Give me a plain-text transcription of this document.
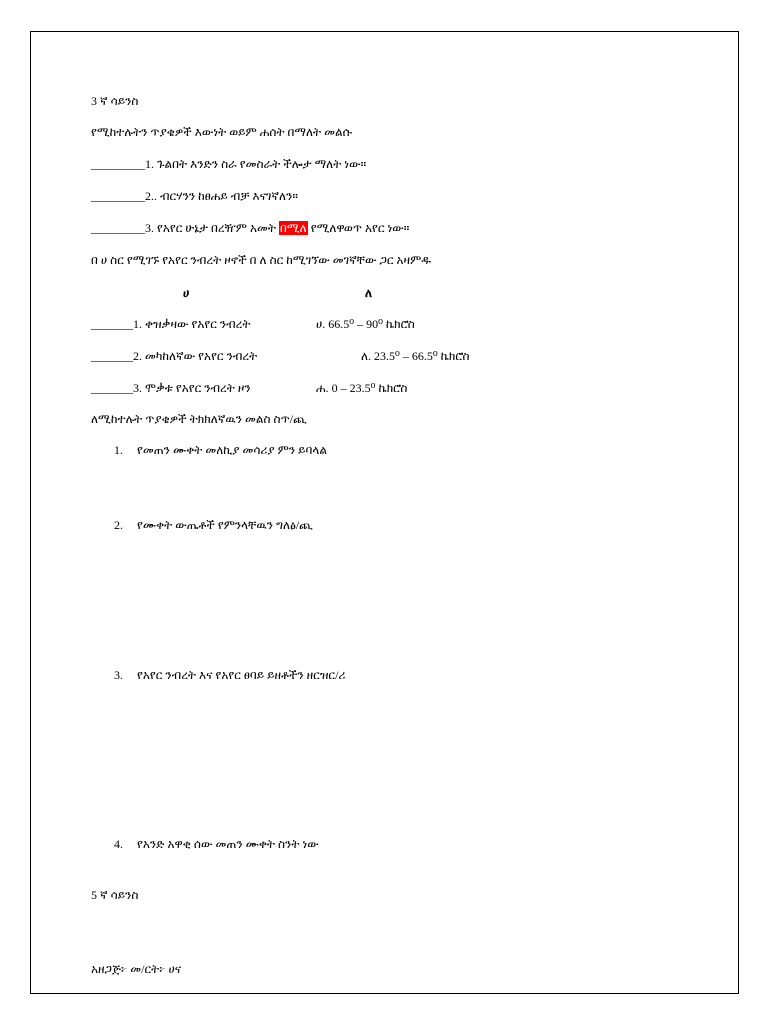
3 ኛ ሳይንስ
የሚከተሉትን ጥያቄዎች እውነት ወይም ሐሰት በማለት መልሱ
_________1. ጉልበት እንድን ስራ የመስራት ችሎታ ማለት ነው።
_________2.. ብርሃንን ከፀሐይ ብቻ እናገኛለን።
_________3. የአየር ሁኔታ በረዥም አመት በሚለ የሚለዋወጥ አየር ነው።
በ ሀ ስር የሚገኙ የአየር ንብረት ዞኖች በ ለ ስር ከሚገኘው መገኛቸው ጋር አዛምዱ
ሀ	ለ
_______1. ቀዝቃዛው የአየር ንብረት	ሀ. 66.5⁰ – 90⁰ ኬክሮስ
_______2. መካከለኛው የአየር ንብረት	ለ. 23.5⁰ – 66.5⁰ ኬክሮስ
_______3. ሞቃቱ የአየር ንብረት ዞን	ሐ. 0 – 23.5⁰ ኬክሮስ
ለሚከተሉት ጥያቄዎች ትክክለኛዉን መልስ ስጥ/ጪ
1. የመጠን ሙቀት መለኪያ መሳሪያ ምን ይባላል
2. የሙቀት ውጤቶች የምንላቸዉን ግለፅ/ጪ
3. የአየር ንብረት እና የአየር ፀባይ ይዘቶችን ዘርዝር/ሪ
4. የአንድ አዋቂ ሰው መጠን ሙቀት ስንት ነው
5 ኛ ሳይንስ
አዘጋጅ፦ መ/ርት፦ ሀና
